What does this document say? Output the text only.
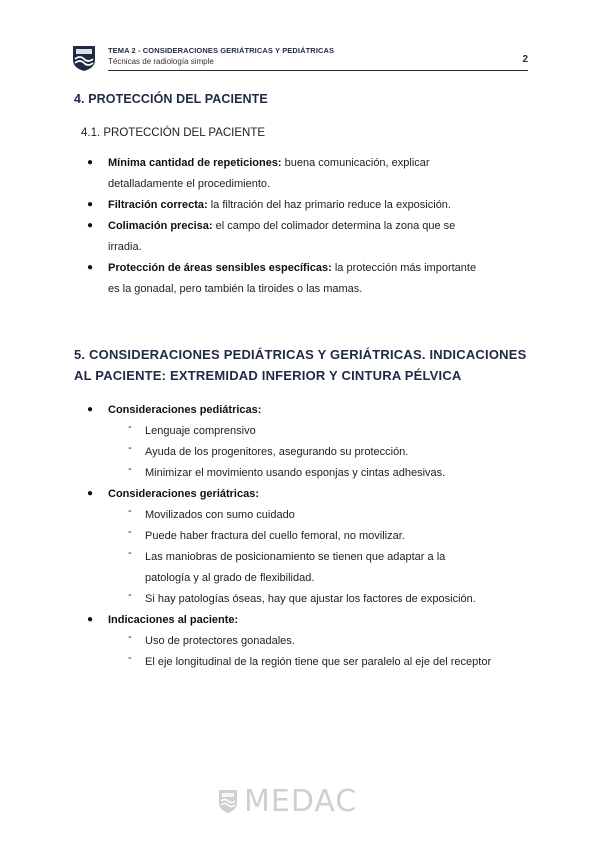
TEMA 2 - CONSIDERACIONES GERIÁTRICAS Y PEDIÁTRICAS
Técnicas de radiología simple	2
4. PROTECCIÓN DEL PACIENTE
4.1. PROTECCIÓN DEL PACIENTE
● Mínima cantidad de repeticiones: buena comunicación, explicar
detalladamente el procedimiento.
● Filtración correcta: la filtración del haz primario reduce la exposición.
● Colimación precisa: el campo del colimador determina la zona que se
irradia.
● Protección de áreas sensibles específicas: la protección más importante
es la gonadal, pero también la tiroides o las mamas.
5. CONSIDERACIONES PEDIÁTRICAS Y GERIÁTRICAS. INDICACIONES
AL PACIENTE: EXTREMIDAD INFERIOR Y CINTURA PÉLVICA
● Consideraciones pediátricas:
- Lenguaje comprensivo
- Ayuda de los progenitores, asegurando su protección.
- Minimizar el movimiento usando esponjas y cintas adhesivas.
● Consideraciones geriátricas:
- Movilizados con sumo cuidado
- Puede haber fractura del cuello femoral, no movilizar.
- Las maniobras de posicionamiento se tienen que adaptar a la
patología y al grado de flexibilidad.
- Si hay patologías óseas, hay que ajustar los factores de exposición.
● Indicaciones al paciente:
- Uso de protectores gonadales.
- El eje longitudinal de la región tiene que ser paralelo al eje del receptor
MEDAC
